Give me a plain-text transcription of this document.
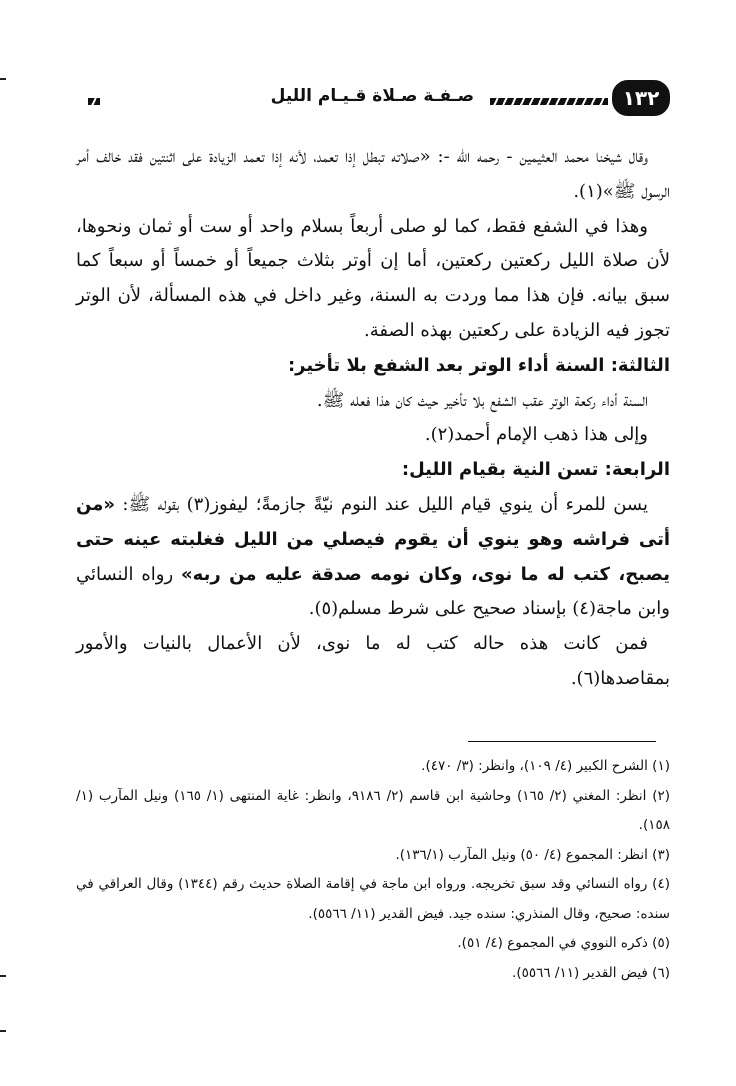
١٣٢
صـفـة صـلاة قـيـام الليل

وقال شيخنا محمد العثيمين - رحمه الله -: «صلاته تبطل إذا تعمد، لأنه إذا تعمد الزيادة على اثنتين فقد خالف أمر الرسول ﷺ»(١).

وهذا في الشفع فقط، كما لو صلى أربعاً بسلام واحد أو ست أو ثمان ونحوها، لأن صلاة الليل ركعتين ركعتين، أما إن أوتر بثلاث جميعاً أو خمساً أو سبعاً كما سبق بيانه. فإن هذا مما وردت به السنة، وغير داخل في هذه المسألة، لأن الوتر تجوز فيه الزيادة على ركعتين بهذه الصفة.

الثالثة: السنة أداء الوتر بعد الشفع بلا تأخير:

السنة أداء ركعة الوتر عقب الشفع بلا تأخير حيث كان هذا فعله ﷺ.

وإلى هذا ذهب الإمام أحمد(٢).

الرابعة: تسن النية بقيام الليل:

يسن للمرء أن ينوي قيام الليل عند النوم نيّةً جازمةً؛ ليفوز(٣) بقوله ﷺ: «من أتى فراشه وهو ينوي أن يقوم فيصلي من الليل فغلبته عينه حتى يصبح، كتب له ما نوى، وكان نومه صدقة عليه من ربه» رواه النسائي وابن ماجة(٤) بإسناد صحيح على شرط مسلم(٥).

فمن كانت هذه حاله كتب له ما نوى، لأن الأعمال بالنيات والأمور بمقاصدها(٦).

(١) الشرح الكبير (٤/ ١٠٩)، وانظر: (٣/ ٤٧٠).

(٢) انظر: المغني (٢/ ١٦٥) وحاشية ابن قاسم (٢/ ٩١٨٦، وانظر: غاية المنتهى (١/ ١٦٥) ونيل المآرب (١/ ١٥٨).

(٣) انظر: المجموع (٤/ ٥٠) ونيل المآرب (١٣٦/١).

(٤) رواه النسائي وقد سبق تخريجه. ورواه ابن ماجة في إقامة الصلاة حديث رقم (١٣٤٤) وقال العراقي في سنده: صحيح، وقال المنذري: سنده جيد. فيض القدير (١١/ ٥٥٦٦).

(٥) ذكره النووي في المجموع (٤/ ٥١).

(٦) فيض القدير (١١/ ٥٥٦٦).
